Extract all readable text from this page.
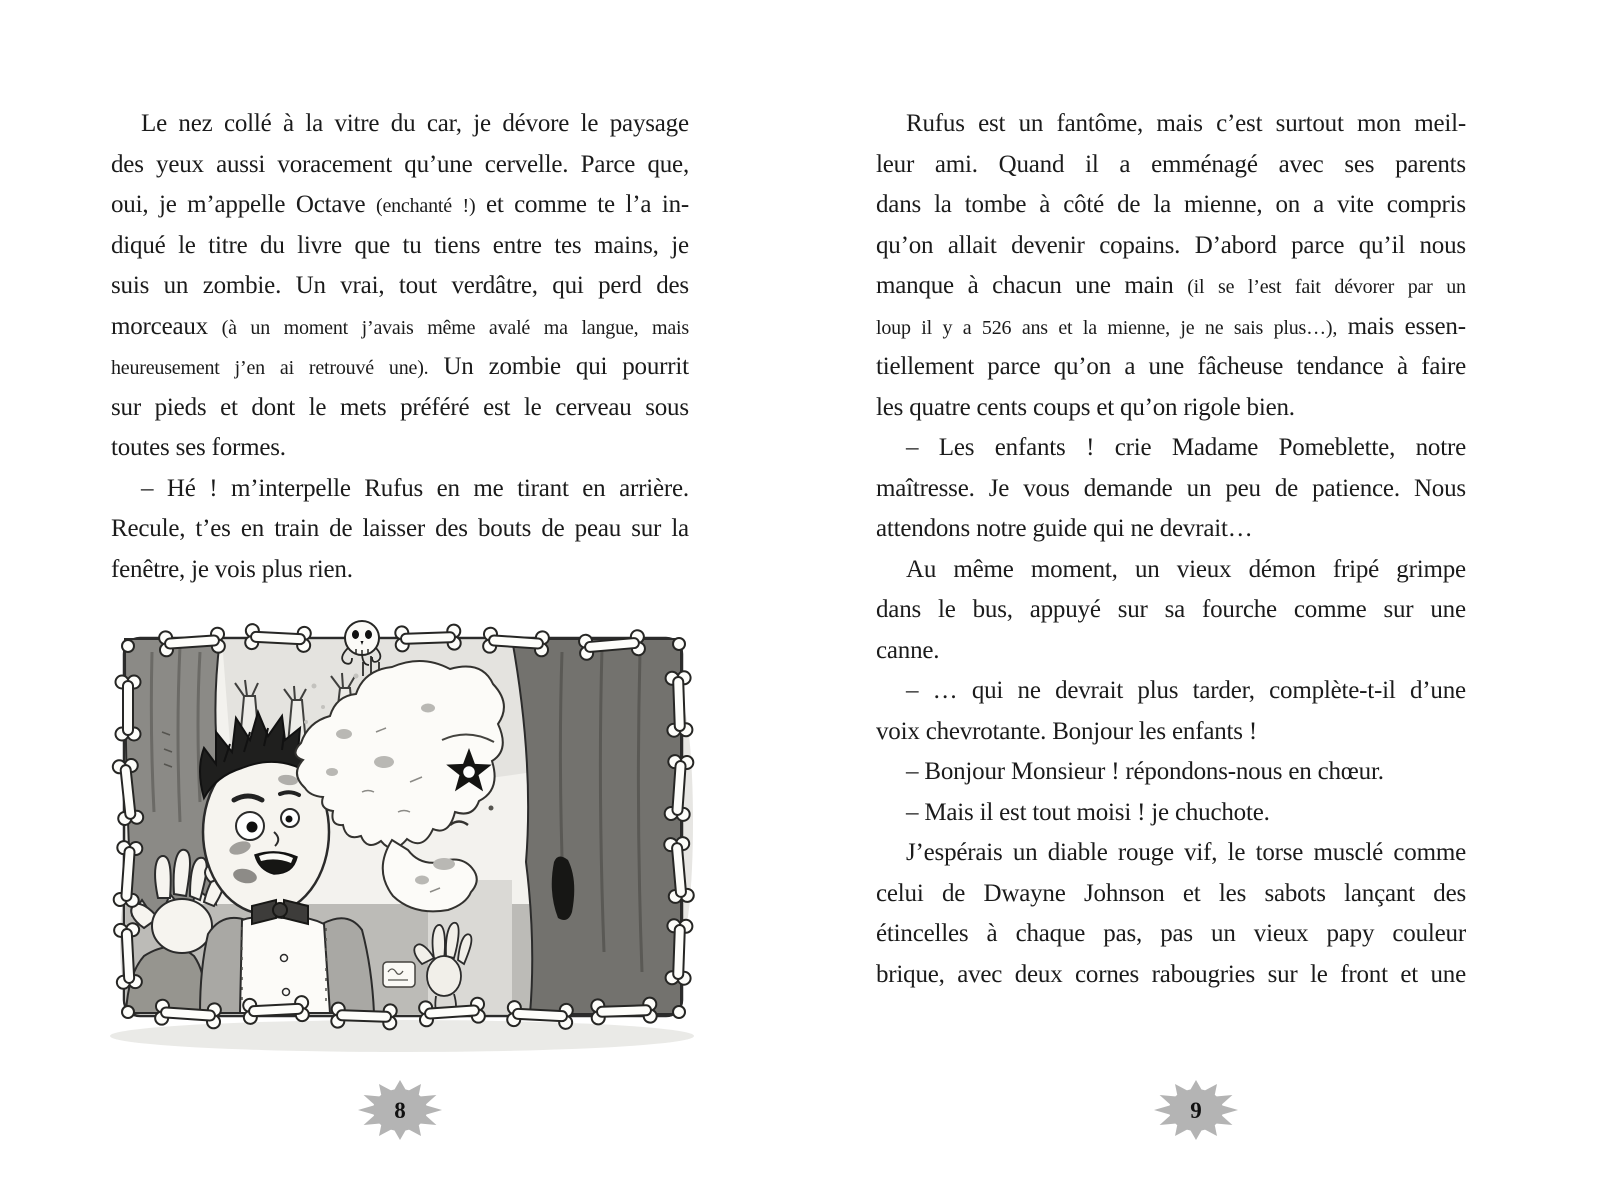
Le nez collé à la vitre du car, je dévore le paysage
des yeux aussi voracement qu’une cervelle. Parce que,
oui, je m’appelle Octave (enchanté !) et comme te l’a in-
diqué le titre du livre que tu tiens entre tes mains, je
suis un zombie. Un vrai, tout verdâtre, qui perd des
morceaux (à un moment j’avais même avalé ma langue, mais
heureusement j’en ai retrouvé une). Un zombie qui pourrit
sur pieds et dont le mets préféré est le cerveau sous
toutes ses formes.
– Hé ! m’interpelle Rufus en me tirant en arrière.
Recule, t’es en train de laisser des bouts de peau sur la
fenêtre, je vois plus rien.
Rufus est un fantôme, mais c’est surtout mon meil-
leur ami. Quand il a emménagé avec ses parents
dans la tombe à côté de la mienne, on a vite compris
qu’on allait devenir copains. D’abord parce qu’il nous
manque à chacun une main (il se l’est fait dévorer par un
loup il y a 526 ans et la mienne, je ne sais plus…), mais essen-
tiellement parce qu’on a une fâcheuse tendance à faire
les quatre cents coups et qu’on rigole bien.
– Les enfants ! crie Madame Pomeblette, notre
maîtresse. Je vous demande un peu de patience. Nous
attendons notre guide qui ne devrait…
Au même moment, un vieux démon fripé grimpe
dans le bus, appuyé sur sa fourche comme sur une
canne.
– … qui ne devrait plus tarder, complète-t-il d’une
voix chevrotante. Bonjour les enfants !
– Bonjour Monsieur ! répondons-nous en chœur.
– Mais il est tout moisi ! je chuchote.
J’espérais un diable rouge vif, le torse musclé comme
celui de Dwayne Johnson et les sabots lançant des
étincelles à chaque pas, pas un vieux papy couleur
brique, avec deux cornes rabougries sur le front et une
8	9
